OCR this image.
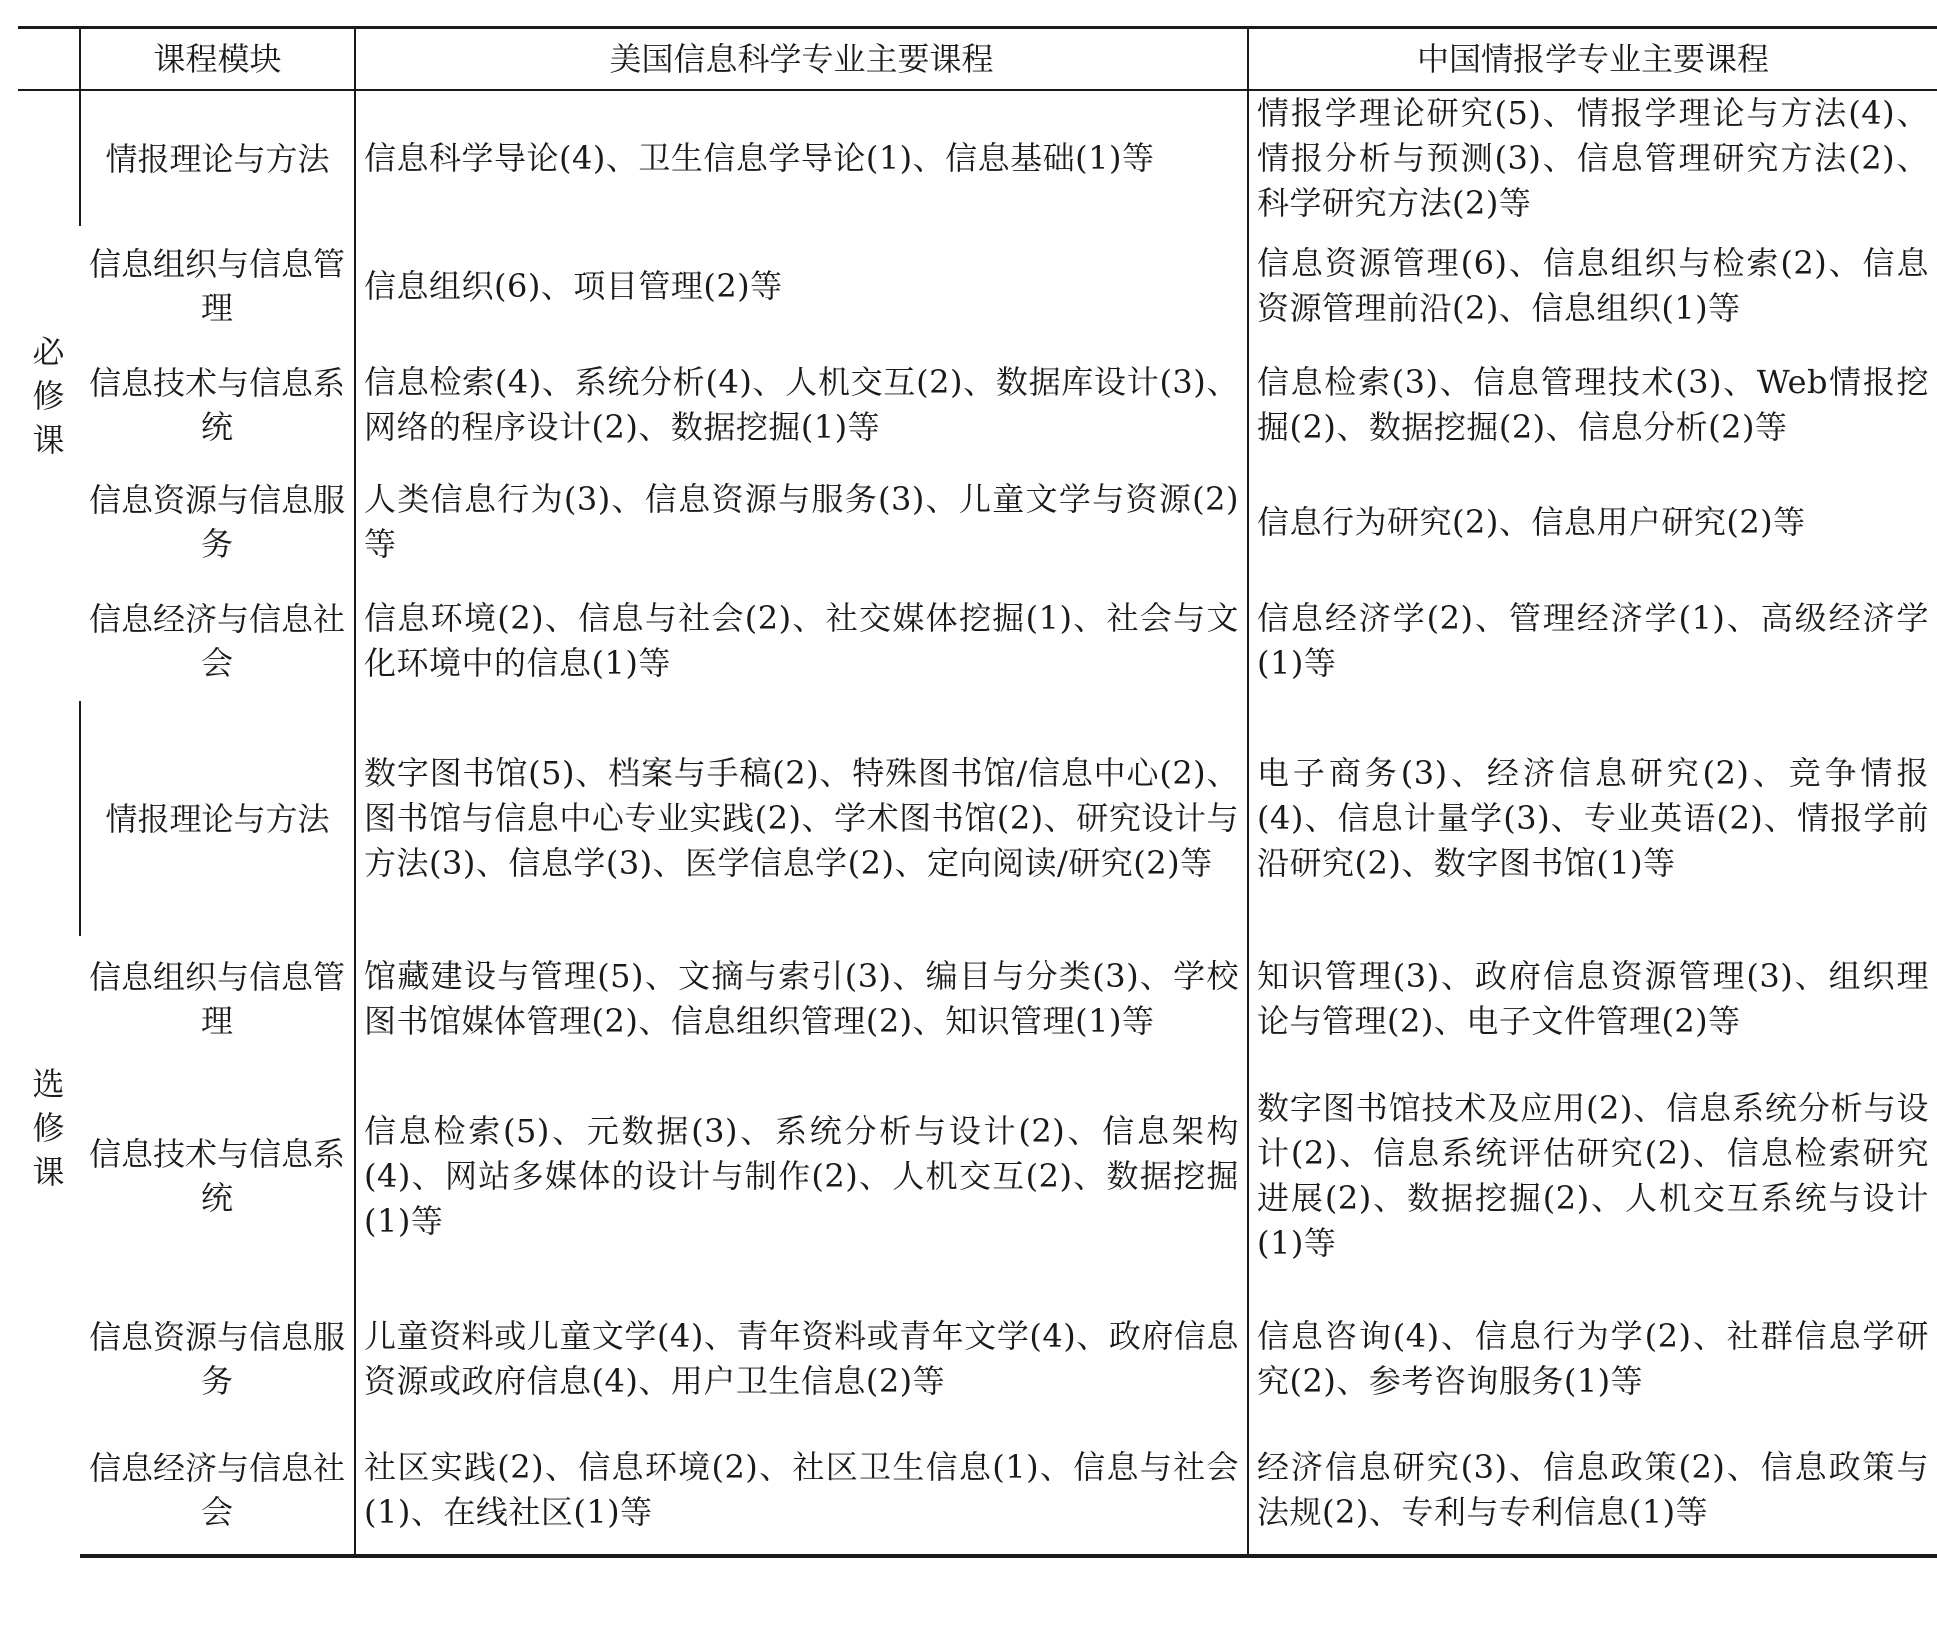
	课程模块	美国信息科学专业主要课程	中国情报学专业主要课程
必修课	情报理论与方法	信息科学导论(4)、卫生信息学导论(1)、信息基础(1)等	情报学理论研究(5)、情报学理论与方法(4)、情报分析与预测(3)、信息管理研究方法(2)、科学研究方法(2)等

	信息组织与信息管理	信息组织(6)、项目管理(2)等	信息资源管理(6)、信息组织与检索(2)、信息资源管理前沿(2)、信息组织(1)等

	信息技术与信息系统	信息检索(4)、系统分析(4)、人机交互(2)、数据库设计(3)、网络的程序设计(2)、数据挖掘(1)等	信息检索(3)、信息管理技术(3)、Web情报挖掘(2)、数据挖掘(2)、信息分析(2)等

	信息资源与信息服务	人类信息行为(3)、信息资源与服务(3)、儿童文学与资源(2)等	信息行为研究(2)、信息用户研究(2)等

	信息经济与信息社会	信息环境(2)、信息与社会(2)、社交媒体挖掘(1)、社会与文化环境中的信息(1)等	信息经济学(2)、管理经济学(1)、高级经济学(1)等

选修课	情报理论与方法	数字图书馆(5)、档案与手稿(2)、特殊图书馆/信息中心(2)、图书馆与信息中心专业实践(2)、学术图书馆(2)、研究设计与方法(3)、信息学(3)、医学信息学(2)、定向阅读/研究(2)等	电子商务(3)、经济信息研究(2)、竞争情报(4)、信息计量学(3)、专业英语(2)、情报学前沿研究(2)、数字图书馆(1)等

	信息组织与信息管理	馆藏建设与管理(5)、文摘与索引(3)、编目与分类(3)、学校图书馆媒体管理(2)、信息组织管理(2)、知识管理(1)等	知识管理(3)、政府信息资源管理(3)、组织理论与管理(2)、电子文件管理(2)等

	信息技术与信息系统	信息检索(5)、元数据(3)、系统分析与设计(2)、信息架构(4)、网站多媒体的设计与制作(2)、人机交互(2)、数据挖掘(1)等	数字图书馆技术及应用(2)、信息系统分析与设计(2)、信息系统评估研究(2)、信息检索研究进展(2)、数据挖掘(2)、人机交互系统与设计(1)等

	信息资源与信息服务	儿童资料或儿童文学(4)、青年资料或青年文学(4)、政府信息资源或政府信息(4)、用户卫生信息(2)等	信息咨询(4)、信息行为学(2)、社群信息学研究(2)、参考咨询服务(1)等

	信息经济与信息社会	社区实践(2)、信息环境(2)、社区卫生信息(1)、信息与社会(1)、在线社区(1)等	经济信息研究(3)、信息政策(2)、信息政策与法规(2)、专利与专利信息(1)等
